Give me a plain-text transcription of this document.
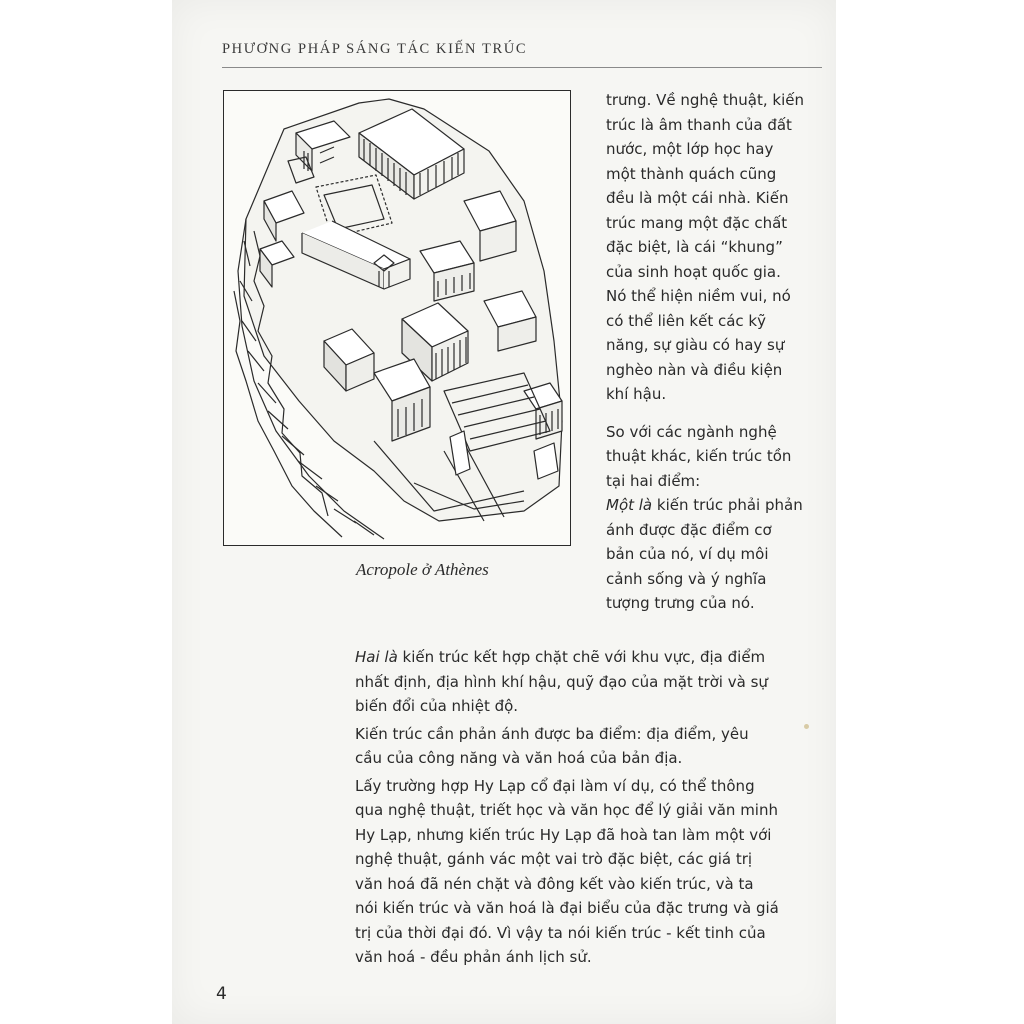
PHƯƠNG PHÁP SÁNG TÁC KIẾN TRÚC
Acropole ở Athènes

trưng. Về nghệ thuật, kiến
trúc là âm thanh của đất
nước, một lớp học hay
một thành quách cũng
đều là một cái nhà. Kiến
trúc mang một đặc chất
đặc biệt, là cái “khung”
của sinh hoạt quốc gia.
Nó thể hiện niềm vui, nó
có thể liên kết các kỹ
năng, sự giàu có hay sự
nghèo nàn và điều kiện
khí hậu.

So với các ngành nghệ
thuật khác, kiến trúc tồn
tại hai điểm:

Một là kiến trúc phải phản
ánh được đặc điểm cơ
bản của nó, ví dụ môi
cảnh sống và ý nghĩa
tượng trưng của nó.

Hai là kiến trúc kết hợp chặt chẽ với khu vực, địa điểm
nhất định, địa hình khí hậu, quỹ đạo của mặt trời và sự
biến đổi của nhiệt độ.

Kiến trúc cần phản ánh được ba điểm: địa điểm, yêu
cầu của công năng và văn hoá của bản địa.

Lấy trường hợp Hy Lạp cổ đại làm ví dụ, có thể thông
qua nghệ thuật, triết học và văn học để lý giải văn minh
Hy Lạp, nhưng kiến trúc Hy Lạp đã hoà tan làm một với
nghệ thuật, gánh vác một vai trò đặc biệt, các giá trị
văn hoá đã nén chặt và đông kết vào kiến trúc, và ta
nói kiến trúc và văn hoá là đại biểu của đặc trưng và giá
trị của thời đại đó. Vì vậy ta nói kiến trúc - kết tinh của
văn hoá - đều phản ánh lịch sử.

4
